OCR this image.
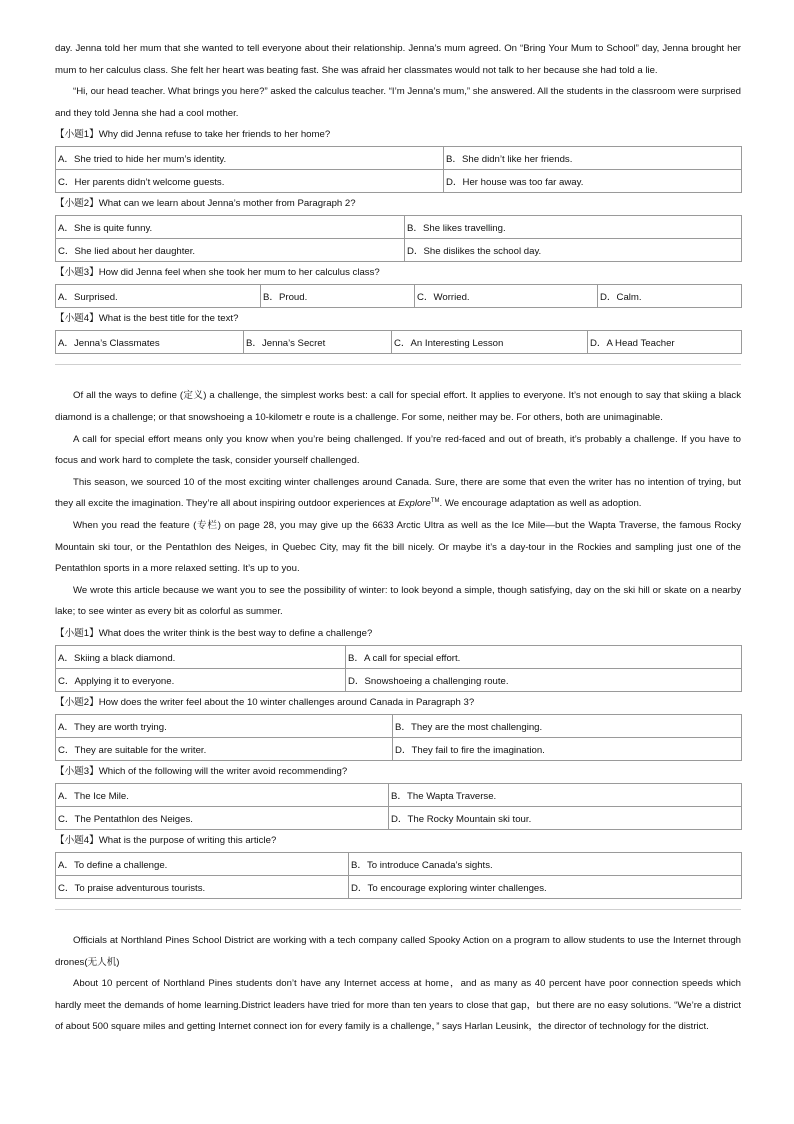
day. Jenna told her mum that she wanted to tell everyone about their relationship. Jenna’s mum agreed. On “Bring Your Mum to School” day, Jenna brought her mum to her calculus class. She felt her heart was beating fast. She was afraid her classmates would not talk to her because she had told a lie.

“Hi, our head teacher. What brings you here?” asked the calculus teacher. “I’m Jenna’s mum,” she answered. All the students in the classroom were surprised and they told Jenna she had a cool mother.

【小题1】Why did Jenna refuse to take her friends to her home?
A．She tried to hide her mum’s identity.	B．She didn’t like her friends.
C．Her parents didn’t welcome guests.	D．Her house was too far away.
【小题2】What can we learn about Jenna’s mother from Paragraph 2?
A．She is quite funny.	B．She likes travelling.
C．She lied about her daughter.	D．She dislikes the school day.
【小题3】How did Jenna feel when she took her mum to her calculus class?
A．Surprised.	B．Proud.	C．Worried.	D．Calm.
【小题4】What is the best title for the text?
A．Jenna’s Classmates	B．Jenna’s Secret	C．An Interesting Lesson	D．A Head Teacher

Of all the ways to define (定义) a challenge, the simplest works best: a call for special effort. It applies to everyone. It’s not enough to say that skiing a black diamond is a challenge; or that snowshoeing a 10-kilometr e route is a challenge. For some, neither may be. For others, both are unimaginable.

A call for special effort means only you know when you’re being challenged. If you’re red-faced and out of breath, it’s probably a challenge. If you have to focus and work hard to complete the task, consider yourself challenged.

This season, we sourced 10 of the most exciting winter challenges around Canada. Sure, there are some that even the writer has no intention of trying, but they all excite the imagination. They’re all about inspiring outdoor experiences at Explore™. We encourage adaptation as well as adoption.

When you read the feature (专栏) on page 28, you may give up the 6633 Arctic Ultra as well as the Ice Mile—but the Wapta Traverse, the famous Rocky Mountain ski tour, or the Pentathlon des Neiges, in Quebec City, may fit the bill nicely. Or maybe it’s a day-tour in the Rockies and sampling just one of the Pentathlon sports in a more relaxed setting. It’s up to you.

We wrote this article because we want you to see the possibility of winter: to look beyond a simple, though satisfying, day on the ski hill or skate on a nearby lake; to see winter as every bit as colorful as summer.

【小题1】What does the writer think is the best way to define a challenge?
A．Skiing a black diamond.	B．A call for special effort.
C．Applying it to everyone.	D．Snowshoeing a challenging route.
【小题2】How does the writer feel about the 10 winter challenges around Canada in Paragraph 3?
A．They are worth trying.	B．They are the most challenging.
C．They are suitable for the writer.	D．They fail to fire the imagination.
【小题3】Which of the following will the writer avoid recommending?
A．The Ice Mile.	B．The Wapta Traverse.
C．The Pentathlon des Neiges.	D．The Rocky Mountain ski tour.
【小题4】What is the purpose of writing this article?
A．To define a challenge.	B．To introduce Canada’s sights.
C．To praise adventurous tourists.	D．To encourage exploring winter challenges.

Officials at Northland Pines School District are working with a tech company called Spooky Action on a program to allow students to use the Internet through drones(无人机)

About 10 percent of Northland Pines students don’t have any Internet access at home，and as many as 40 percent have poor connection speeds which hardly meet the demands of home learning.District leaders have tried for more than ten years to close that gap，but there are no easy solutions. “We’re a district of about 500 square miles and getting Internet connect ion for every family is a challenge，” says Harlan Leusink，the director of technology for the district.
